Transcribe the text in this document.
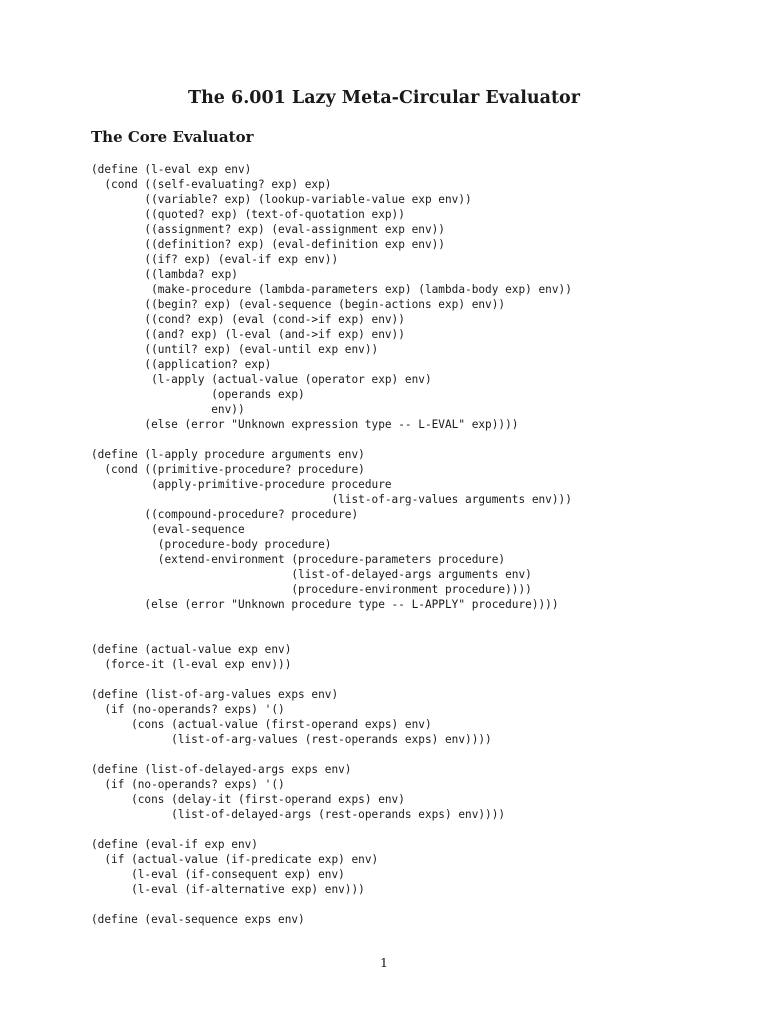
The 6.001 Lazy Meta-Circular Evaluator
The Core Evaluator
(define (l-eval exp env)
(cond ((self-evaluating? exp) exp)
((variable? exp) (lookup-variable-value exp env))
((quoted? exp) (text-of-quotation exp))
((assignment? exp) (eval-assignment exp env))
((definition? exp) (eval-definition exp env))
((if? exp) (eval-if exp env))
((lambda? exp)
(make-procedure (lambda-parameters exp) (lambda-body exp) env))
((begin? exp) (eval-sequence (begin-actions exp) env))
((cond? exp) (eval (cond->if exp) env))
((and? exp) (l-eval (and->if exp) env))
((until? exp) (eval-until exp env))
((application? exp)
(l-apply (actual-value (operator exp) env)
(operands exp)
env))
(else (error "Unknown expression type -- L-EVAL" exp))))
(define (l-apply procedure arguments env)
(cond ((primitive-procedure? procedure)
(apply-primitive-procedure procedure
(list-of-arg-values arguments env)))
((compound-procedure? procedure)
(eval-sequence
(procedure-body procedure)
(extend-environment (procedure-parameters procedure)
(list-of-delayed-args arguments env)
(procedure-environment procedure))))
(else (error "Unknown procedure type -- L-APPLY" procedure))))
(define (actual-value exp env)
(force-it (l-eval exp env)))
(define (list-of-arg-values exps env)
(if (no-operands? exps) '()
(cons (actual-value (first-operand exps) env)
(list-of-arg-values (rest-operands exps) env))))
(define (list-of-delayed-args exps env)
(if (no-operands? exps) '()
(cons (delay-it (first-operand exps) env)
(list-of-delayed-args (rest-operands exps) env))))
(define (eval-if exp env)
(if (actual-value (if-predicate exp) env)
(l-eval (if-consequent exp) env)
(l-eval (if-alternative exp) env)))
(define (eval-sequence exps env)
1
